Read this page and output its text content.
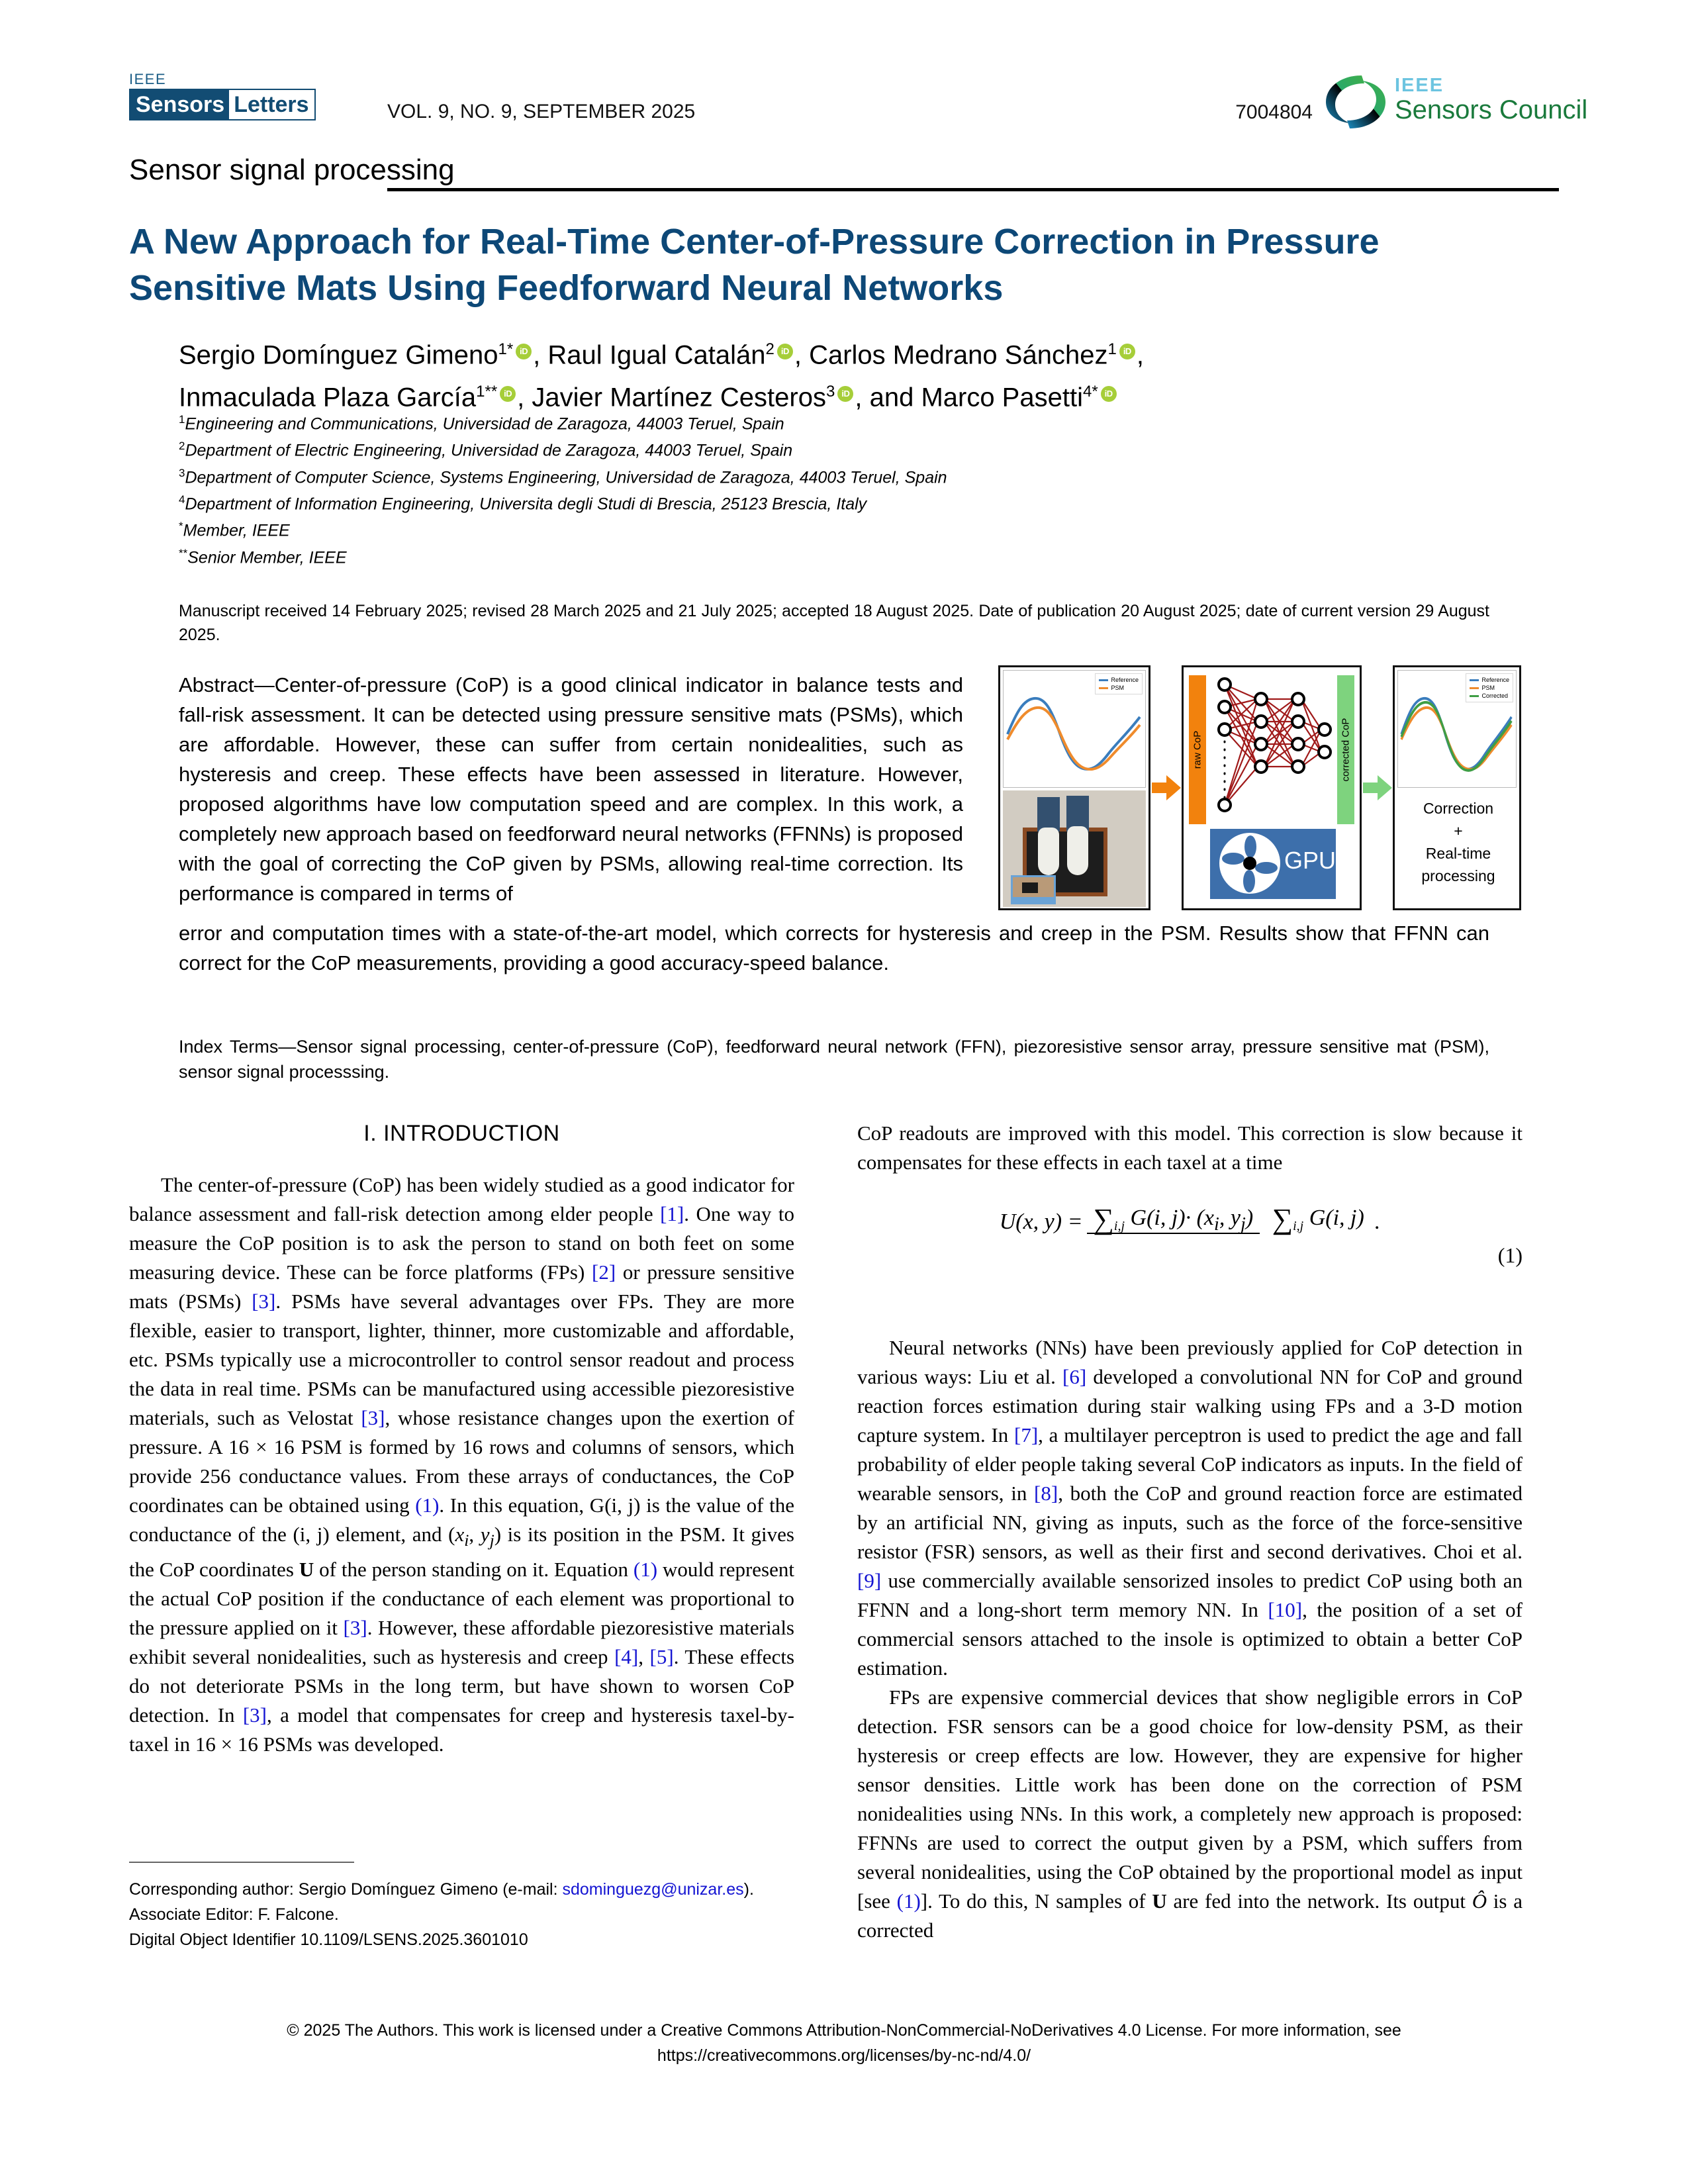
IEEE
Sensors Letters	VOL. 9, NO. 9, SEPTEMBER 2025	7004804
IEEE
Sensors Council
Sensor signal processing
A New Approach for Real-Time Center-of-Pressure Correction in Pressure Sensitive Mats Using Feedforward Neural Networks
Sergio Domínguez Gimeno$^{1*}$ iD , Raul Igual Catalán$^2$ iD , Carlos Medrano Sánchez$^1$ iD ,
Inmaculada Plaza García$^{1**}$ iD , Javier Martínez Cesteros$^3$ iD , and Marco Pasetti$^{4*}$ iD
$^1$Engineering and Communications, Universidad de Zaragoza, 44003 Teruel, Spain
$^2$Department of Electric Engineering, Universidad de Zaragoza, 44003 Teruel, Spain
$^3$Department of Computer Science, Systems Engineering, Universidad de Zaragoza, 44003 Teruel, Spain
$^4$Department of Information Engineering, Universita degli Studi di Brescia, 25123 Brescia, Italy
*Member, IEEE
**Senior Member, IEEE
Manuscript received 14 February 2025; revised 28 March 2025 and 21 July 2025; accepted 18 August 2025. Date of publication 20 August 2025; date of current version 29 August 2025.
Abstract—Center-of-pressure (CoP) is a good clinical indicator in balance tests and fall-risk assessment. It can be detected using pressure sensitive mats (PSMs), which are affordable. However, these can suffer from certain nonidealities, such as hysteresis and creep. These effects have been assessed in literature. However, proposed algorithms have low computation speed and are complex. In this work, a completely new approach based on feedforward neural networks (FFNNs) is proposed with the goal of correcting the CoP given by PSMs, allowing real-time correction. Its performance is compared in terms of
error and computation times with a state-of-the-art model, which corrects for hysteresis and creep in the PSM. Results show that FFNN can correct for the CoP measurements, providing a good accuracy-speed balance.
Index Terms—Sensor signal processing, center-of-pressure (CoP), feedforward neural network (FFN), piezoresistive sensor array, pressure sensitive mat (PSM), sensor signal processsing.
Reference
PSM
raw CoP	corrected CoP
GPU
Reference
PSM
Corrected
Correction
+
Real-time
processing
I. INTRODUCTION

The center-of-pressure (CoP) has been widely studied as a good indicator for balance assessment and fall-risk detection among elder people [1]. One way to measure the CoP position is to ask the person to stand on both feet on some measuring device. These can be force platforms (FPs) [2] or pressure sensitive mats (PSMs) [3]. PSMs have several advantages over FPs. They are more flexible, easier to transport, lighter, thinner, more customizable and affordable, etc. PSMs typically use a microcontroller to control sensor readout and process the data in real time. PSMs can be manufactured using accessible piezoresistive materials, such as Velostat [3], whose resistance changes upon the exertion of pressure. A 16 × 16 PSM is formed by 16 rows and columns of sensors, which provide 256 conductance values. From these arrays of conductances, the CoP coordinates can be obtained using (1). In this equation, G(i, j) is the value of the conductance of the (i, j) element, and ($x_i$, $y_j$) is its position in the PSM. It gives the CoP coordinates U of the person standing on it. Equation (1) would represent the actual CoP position if the conductance of each element was proportional to the pressure applied on it [3]. However, these affordable piezoresistive materials exhibit several nonidealities, such as hysteresis and creep [4], [5]. These effects do not deteriorate PSMs in the long term, but have shown to worsen CoP detection. In [3], a model that compensates for creep and hysteresis taxel-by-taxel in 16 × 16 PSMs was developed.

CoP readouts are improved with this model. This correction is slow because it compensates for these effects in each taxel at a time

U(x, $y) = \sum_{i,j}$ G(i, $j)\cdot (x_i$, $y_j$) $\sum_{i,j}$ G(i, j) .
(1)

Neural networks (NNs) have been previously applied for CoP detection in various ways: Liu et al. [6] developed a convolutional NN for CoP and ground reaction forces estimation during stair walking using FPs and a 3-D motion capture system. In [7], a multilayer perceptron is used to predict the age and fall probability of elder people taking several CoP indicators as inputs. In the field of wearable sensors, in [8], both the CoP and ground reaction force are estimated by an artificial NN, giving as inputs, such as the force of the force-sensitive resistor (FSR) sensors, as well as their first and second derivatives. Choi et al. [9] use commercially available sensorized insoles to predict CoP using both an FFNN and a long-short term memory NN. In [10], the position of a set of commercial sensors attached to the insole is optimized to obtain a better CoP estimation.

FPs are expensive commercial devices that show negligible errors in CoP detection. FSR sensors can be a good choice for low-density PSM, as their hysteresis or creep effects are low. However, they are expensive for higher sensor densities. Little work has been done on the correction of PSM nonidealities using NNs. In this work, a completely new approach is proposed: FFNNs are used to correct the output given by a PSM, which suffers from several nonidealities, using the CoP obtained by the proportional model as input [see (1)]. To do this, N samples of U are fed into the network. Its output Ô is a corrected

Corresponding author: Sergio Domínguez Gimeno (e-mail: sdominguezg@unizar.es).
Associate Editor: F. Falcone.
Digital Object Identifier 10.1109/LSENS.2025.3601010
© 2025 The Authors. This work is licensed under a Creative Commons Attribution-NonCommercial-NoDerivatives 4.0 License. For more information, see
https://creativecommons.org/licenses/by-nc-nd/4.0/
